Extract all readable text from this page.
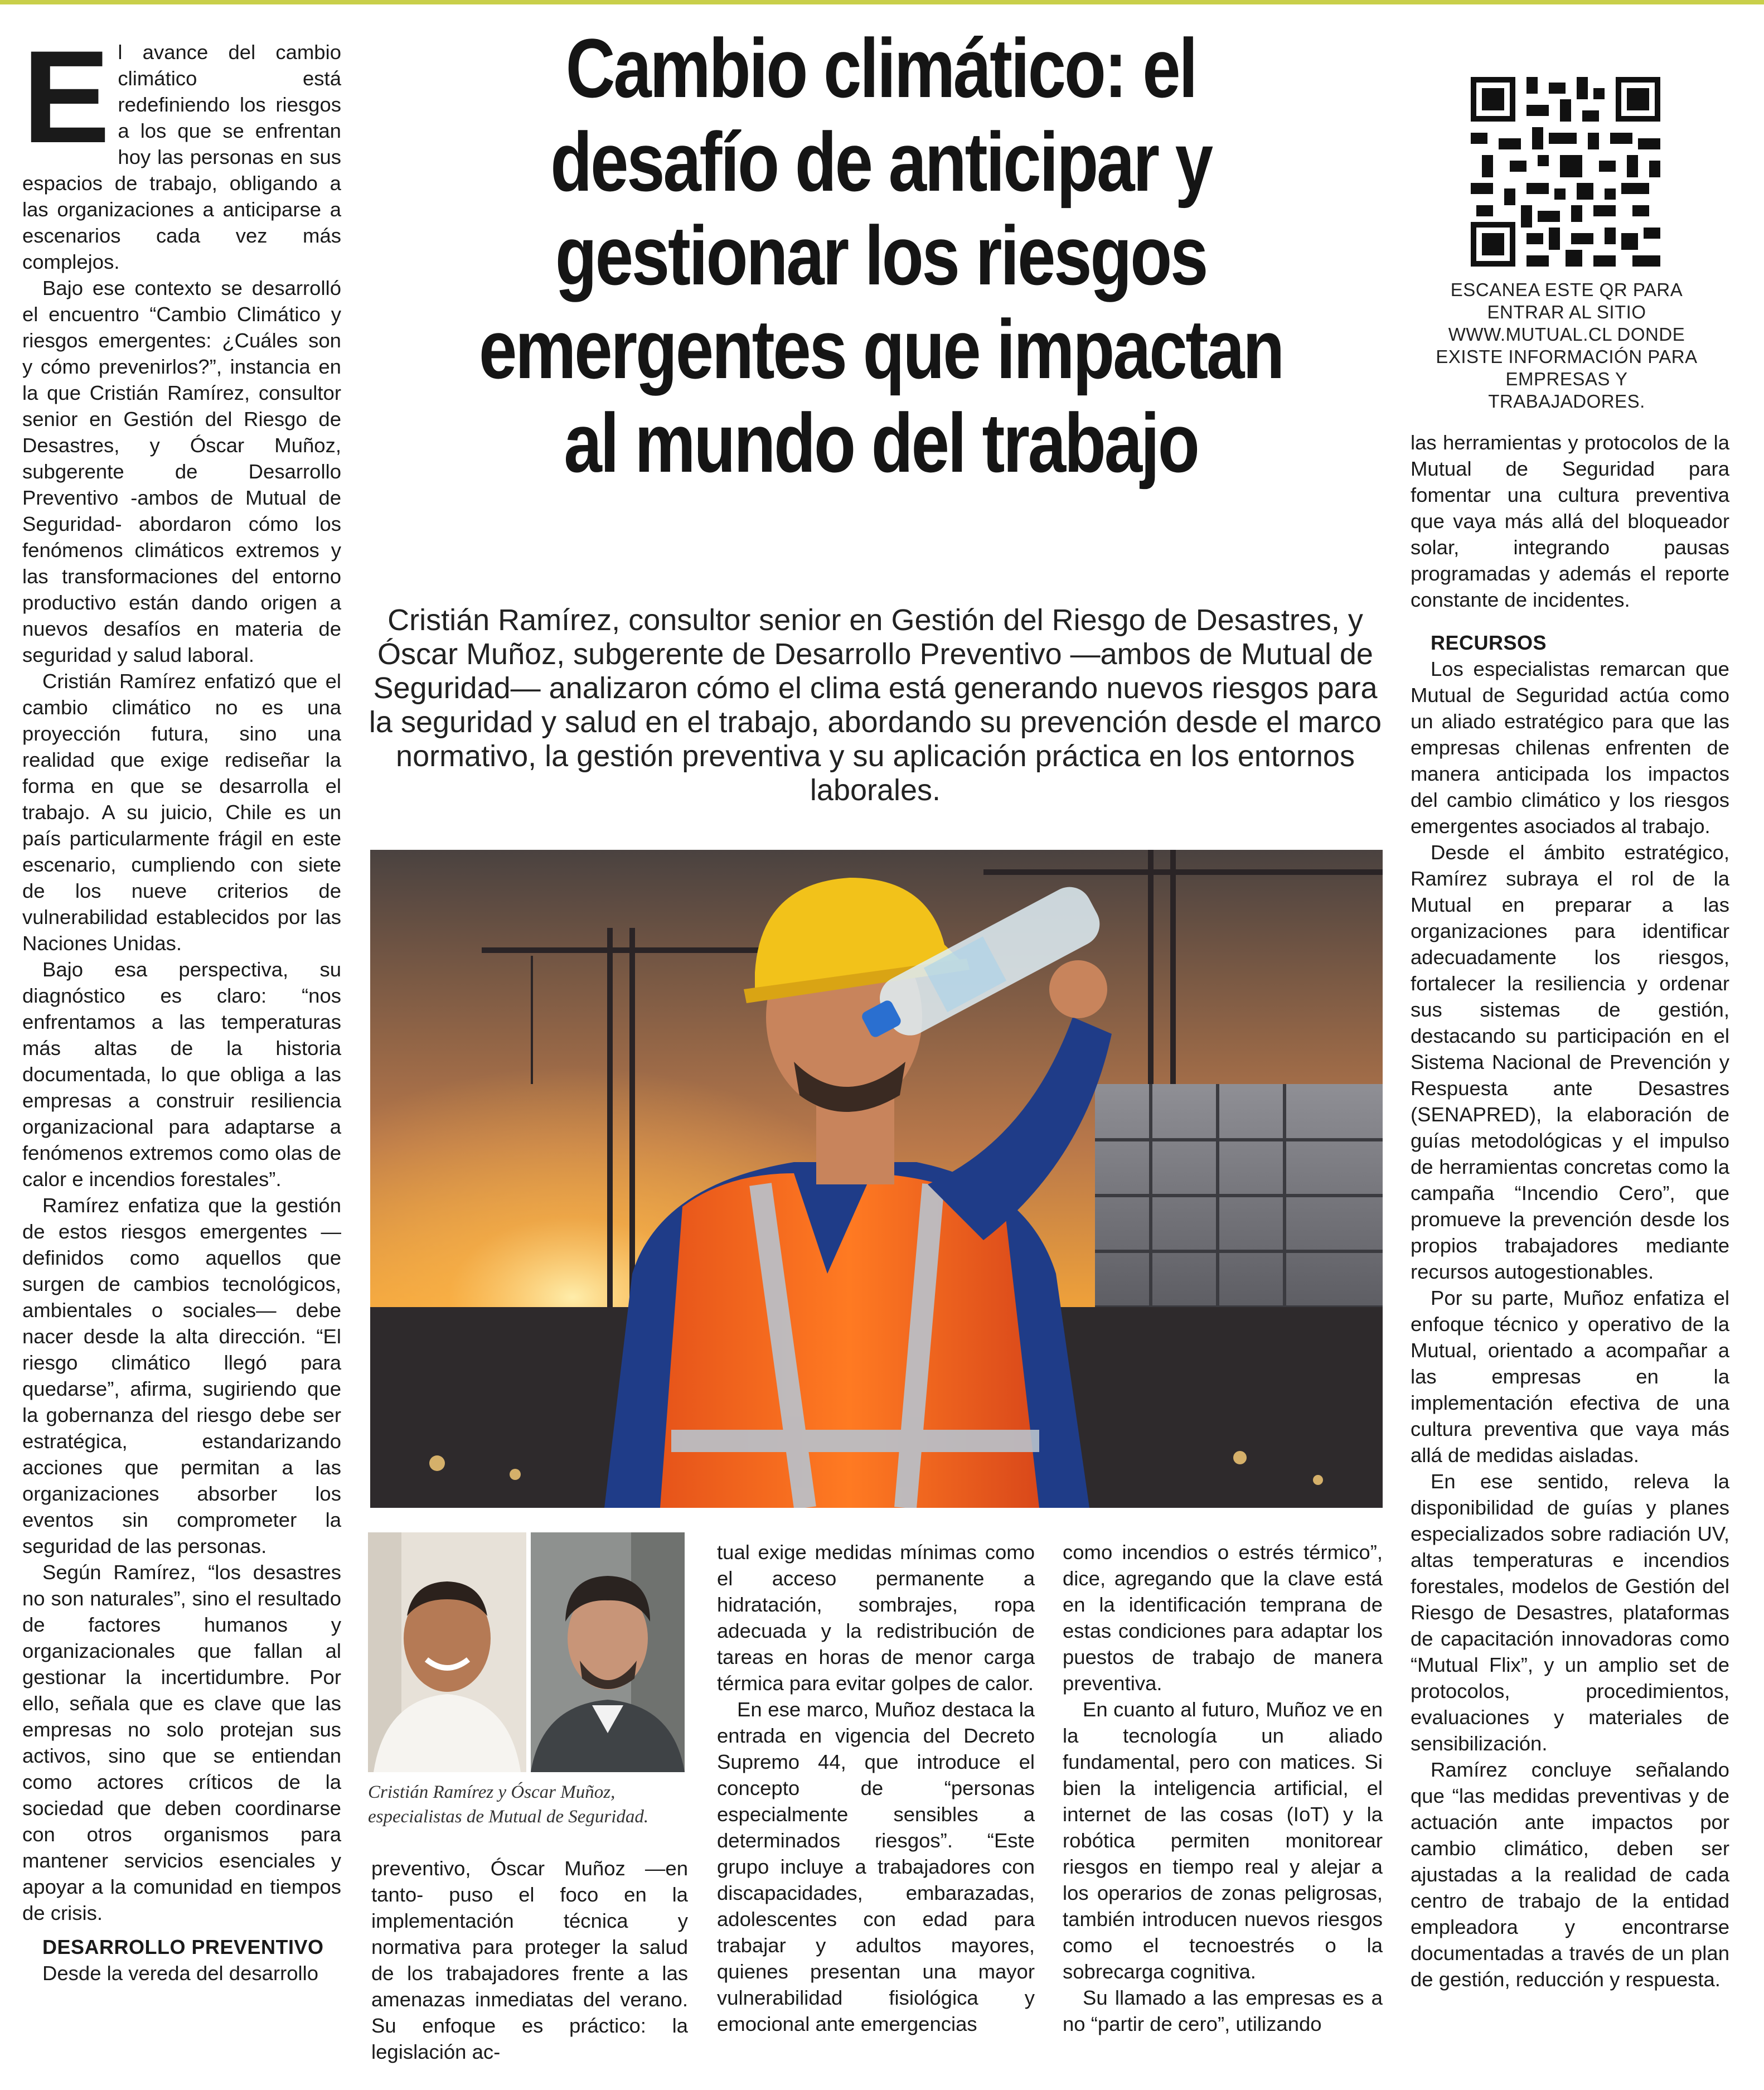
El avance del cambio climático está redefiniendo los riesgos a los que se enfrentan hoy las personas en sus espacios de trabajo, obligando a las organizaciones a anticiparse a escenarios cada vez más complejos.

Bajo ese contexto se desarrolló el encuentro “Cambio Climático y riesgos emergentes: ¿Cuáles son y cómo prevenirlos?”, instancia en la que Cristián Ramírez, consultor senior en Gestión del Riesgo de Desastres, y Óscar Muñoz, subgerente de Desarrollo Preventivo -ambos de Mutual de Seguridad- abordaron cómo los fenómenos climáticos extremos y las transformaciones del entorno productivo están dando origen a nuevos desafíos en materia de seguridad y salud laboral.

Cristián Ramírez enfatizó que el cambio climático no es una proyección futura, sino una realidad que exige rediseñar la forma en que se desarrolla el trabajo. A su juicio, Chile es un país particularmente frágil en este escenario, cumpliendo con siete de los nueve criterios de vulnerabilidad establecidos por las Naciones Unidas.

Bajo esa perspectiva, su diagnóstico es claro: “nos enfrentamos a las temperaturas más altas de la historia documentada, lo que obliga a las empresas a construir resiliencia organizacional para adaptarse a fenómenos extremos como olas de calor e incendios forestales”.

Ramírez enfatiza que la gestión de estos riesgos emergentes —definidos como aquellos que surgen de cambios tecnológicos, ambientales o sociales— debe nacer desde la alta dirección. “El riesgo climático llegó para quedarse”, afirma, sugiriendo que la gobernanza del riesgo debe ser estratégica, estandarizando acciones que permitan a las organizaciones absorber los eventos sin comprometer la seguridad de las personas.

Según Ramírez, “los desastres no son naturales”, sino el resultado de factores humanos y organizacionales que fallan al gestionar la incertidumbre. Por ello, señala que es clave que las empresas no solo protejan sus activos, sino que se entiendan como actores críticos de la sociedad que deben coordinarse con otros organismos para mantener servicios esenciales y apoyar a la comunidad en tiempos de crisis.

DESARROLLO PREVENTIVO

Desde la vereda del desarrollo

Cambio climático: el desafío de anticipar y gestionar los riesgos emergentes que impactan al mundo del trabajo
Cristián Ramírez, consultor senior en Gestión del Riesgo de Desastres, y Óscar Muñoz, subgerente de Desarrollo Preventivo —ambos de Mutual de Seguridad— analizaron cómo el clima está generando nuevos riesgos para la seguridad y salud en el trabajo, abordando su prevención desde el marco normativo, la gestión preventiva y su aplicación práctica en los entornos laborales.
ESCANEA ESTE QR PARA ENTRAR AL SITIO WWW.MUTUAL.CL DONDE EXISTE INFORMACIÓN PARA EMPRESAS Y TRABAJADORES.
Cristián Ramírez y Óscar Muñoz, especialistas de Mutual de Seguridad.

preventivo, Óscar Muñoz —en tanto- puso el foco en la implementación técnica y normativa para proteger la salud de los trabajadores frente a las amenazas inmediatas del verano. Su enfoque es práctico: la legislación ac-

tual exige medidas mínimas como el acceso permanente a hidratación, sombrajes, ropa adecuada y la redistribución de tareas en horas de menor carga térmica para evitar golpes de calor.

En ese marco, Muñoz destaca la entrada en vigencia del Decreto Supremo 44, que introduce el concepto de “personas especialmente sensibles a determinados riesgos”. “Este grupo incluye a trabajadores con discapacidades, embarazadas, adolescentes con edad para trabajar y adultos mayores, quienes presentan una mayor vulnerabilidad fisiológica y emocional ante emergencias

como incendios o estrés térmico”, dice, agregando que la clave está en la identificación temprana de estas condiciones para adaptar los puestos de trabajo de manera preventiva.

En cuanto al futuro, Muñoz ve en la tecnología un aliado fundamental, pero con matices. Si bien la inteligencia artificial, el internet de las cosas (IoT) y la robótica permiten monitorear riesgos en tiempo real y alejar a los operarios de zonas peligrosas, también introducen nuevos riesgos como el tecnoestrés o la sobrecarga cognitiva.

Su llamado a las empresas es a no “partir de cero”, utilizando

las herramientas y protocolos de la Mutual de Seguridad para fomentar una cultura preventiva que vaya más allá del bloqueador solar, integrando pausas programadas y además el reporte constante de incidentes.

RECURSOS

Los especialistas remarcan que Mutual de Seguridad actúa como un aliado estratégico para que las empresas chilenas enfrenten de manera anticipada los impactos del cambio climático y los riesgos emergentes asociados al trabajo.

Desde el ámbito estratégico, Ramírez subraya el rol de la Mutual en preparar a las organizaciones para identificar adecuadamente los riesgos, fortalecer la resiliencia y ordenar sus sistemas de gestión, destacando su participación en el Sistema Nacional de Prevención y Respuesta ante Desastres (SENAPRED), la elaboración de guías metodológicas y el impulso de herramientas concretas como la campaña “Incendio Cero”, que promueve la prevención desde los propios trabajadores mediante recursos autogestionables.

Por su parte, Muñoz enfatiza el enfoque técnico y operativo de la Mutual, orientado a acompañar a las empresas en la implementación efectiva de una cultura preventiva que vaya más allá de medidas aisladas.

En ese sentido, releva la disponibilidad de guías y planes especializados sobre radiación UV, altas temperaturas e incendios forestales, modelos de Gestión del Riesgo de Desastres, plataformas de capacitación innovadoras como “Mutual Flix”, y un amplio set de protocolos, procedimientos, evaluaciones y materiales de sensibilización.

Ramírez concluye señalando que “las medidas preventivas y de actuación ante impactos por cambio climático, deben ser ajustadas a la realidad de cada centro de trabajo de la entidad empleadora y encontrarse documentadas a través de un plan de gestión, reducción y respuesta.
